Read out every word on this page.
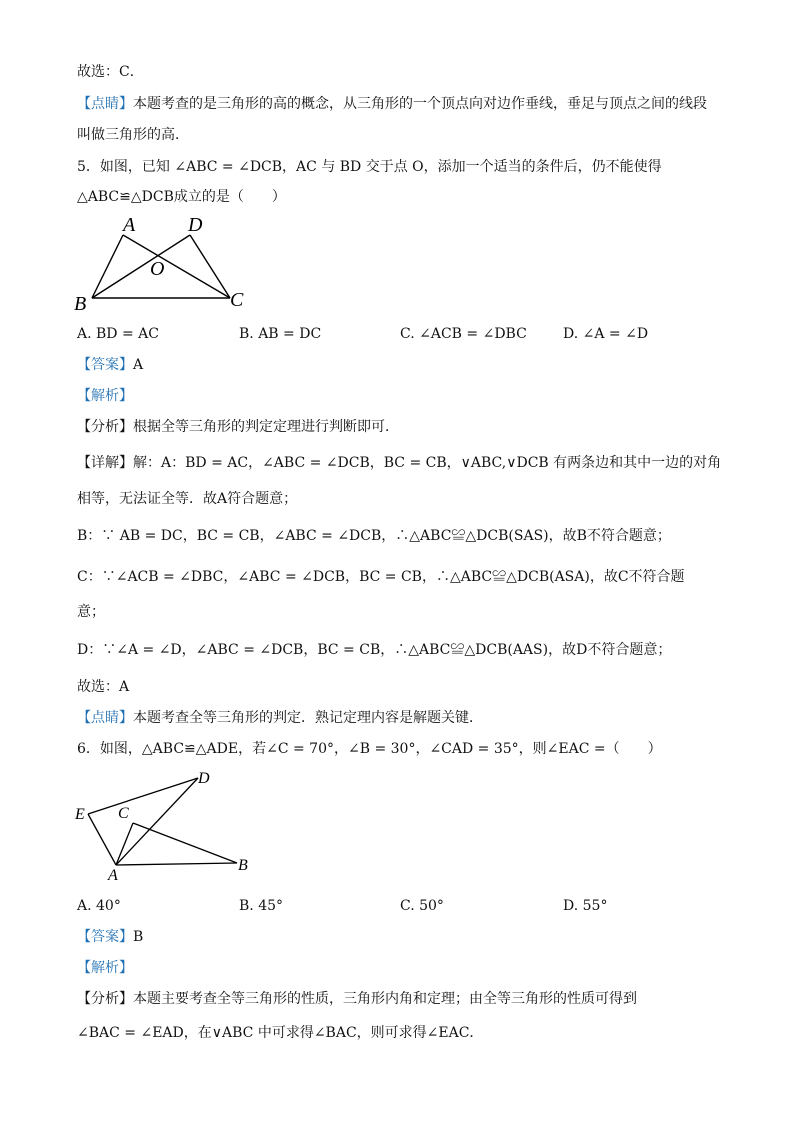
故选：C．
【点睛】本题考查的是三角形的高的概念，从三角形的一个顶点向对边作垂线，垂足与顶点之间的线段
叫做三角形的高．
5．如图，已知 ∠ABC = ∠DCB，AC 与 BD 交于点 O，添加一个适当的条件后，仍不能使得
△ABC≌△DCB成立的是（　　）
A	D
O
B	C
A. BD = AC	B. AB = DC	C. ∠ACB = ∠DBC	D. ∠A = ∠D
【答案】A
【解析】
【分析】根据全等三角形的判定定理进行判断即可．
【详解】解：A：BD = AC，∠ABC = ∠DCB，BC = CB，∨ABC,∨DCB 有两条边和其中一边的对角
相等，无法证全等．故A符合题意；
B：∵ AB = DC，BC = CB，∠ABC = ∠DCB，∴△ABC≌△DCB(SAS)，故B不符合题意；
C：∵∠ACB = ∠DBC，∠ABC = ∠DCB，BC = CB，∴△ABC≌△DCB(ASA)，故C不符合题
意；
D：∵∠A = ∠D，∠ABC = ∠DCB，BC = CB，∴△ABC≌△DCB(AAS)，故D不符合题意；
故选：A
【点睛】本题考查全等三角形的判定．熟记定理内容是解题关键．
6．如图，△ABC≌△ADE，若∠C = 70°，∠B = 30°，∠CAD = 35°，则∠EAC =（　　）
D
E C
A
B
A. 40°	B. 45°	C. 50°	D. 55°
【答案】B
【解析】
【分析】本题主要考查全等三角形的性质，三角形内角和定理；由全等三角形的性质可得到
∠BAC = ∠EAD，在∨ABC 中可求得∠BAC，则可求得∠EAC．
